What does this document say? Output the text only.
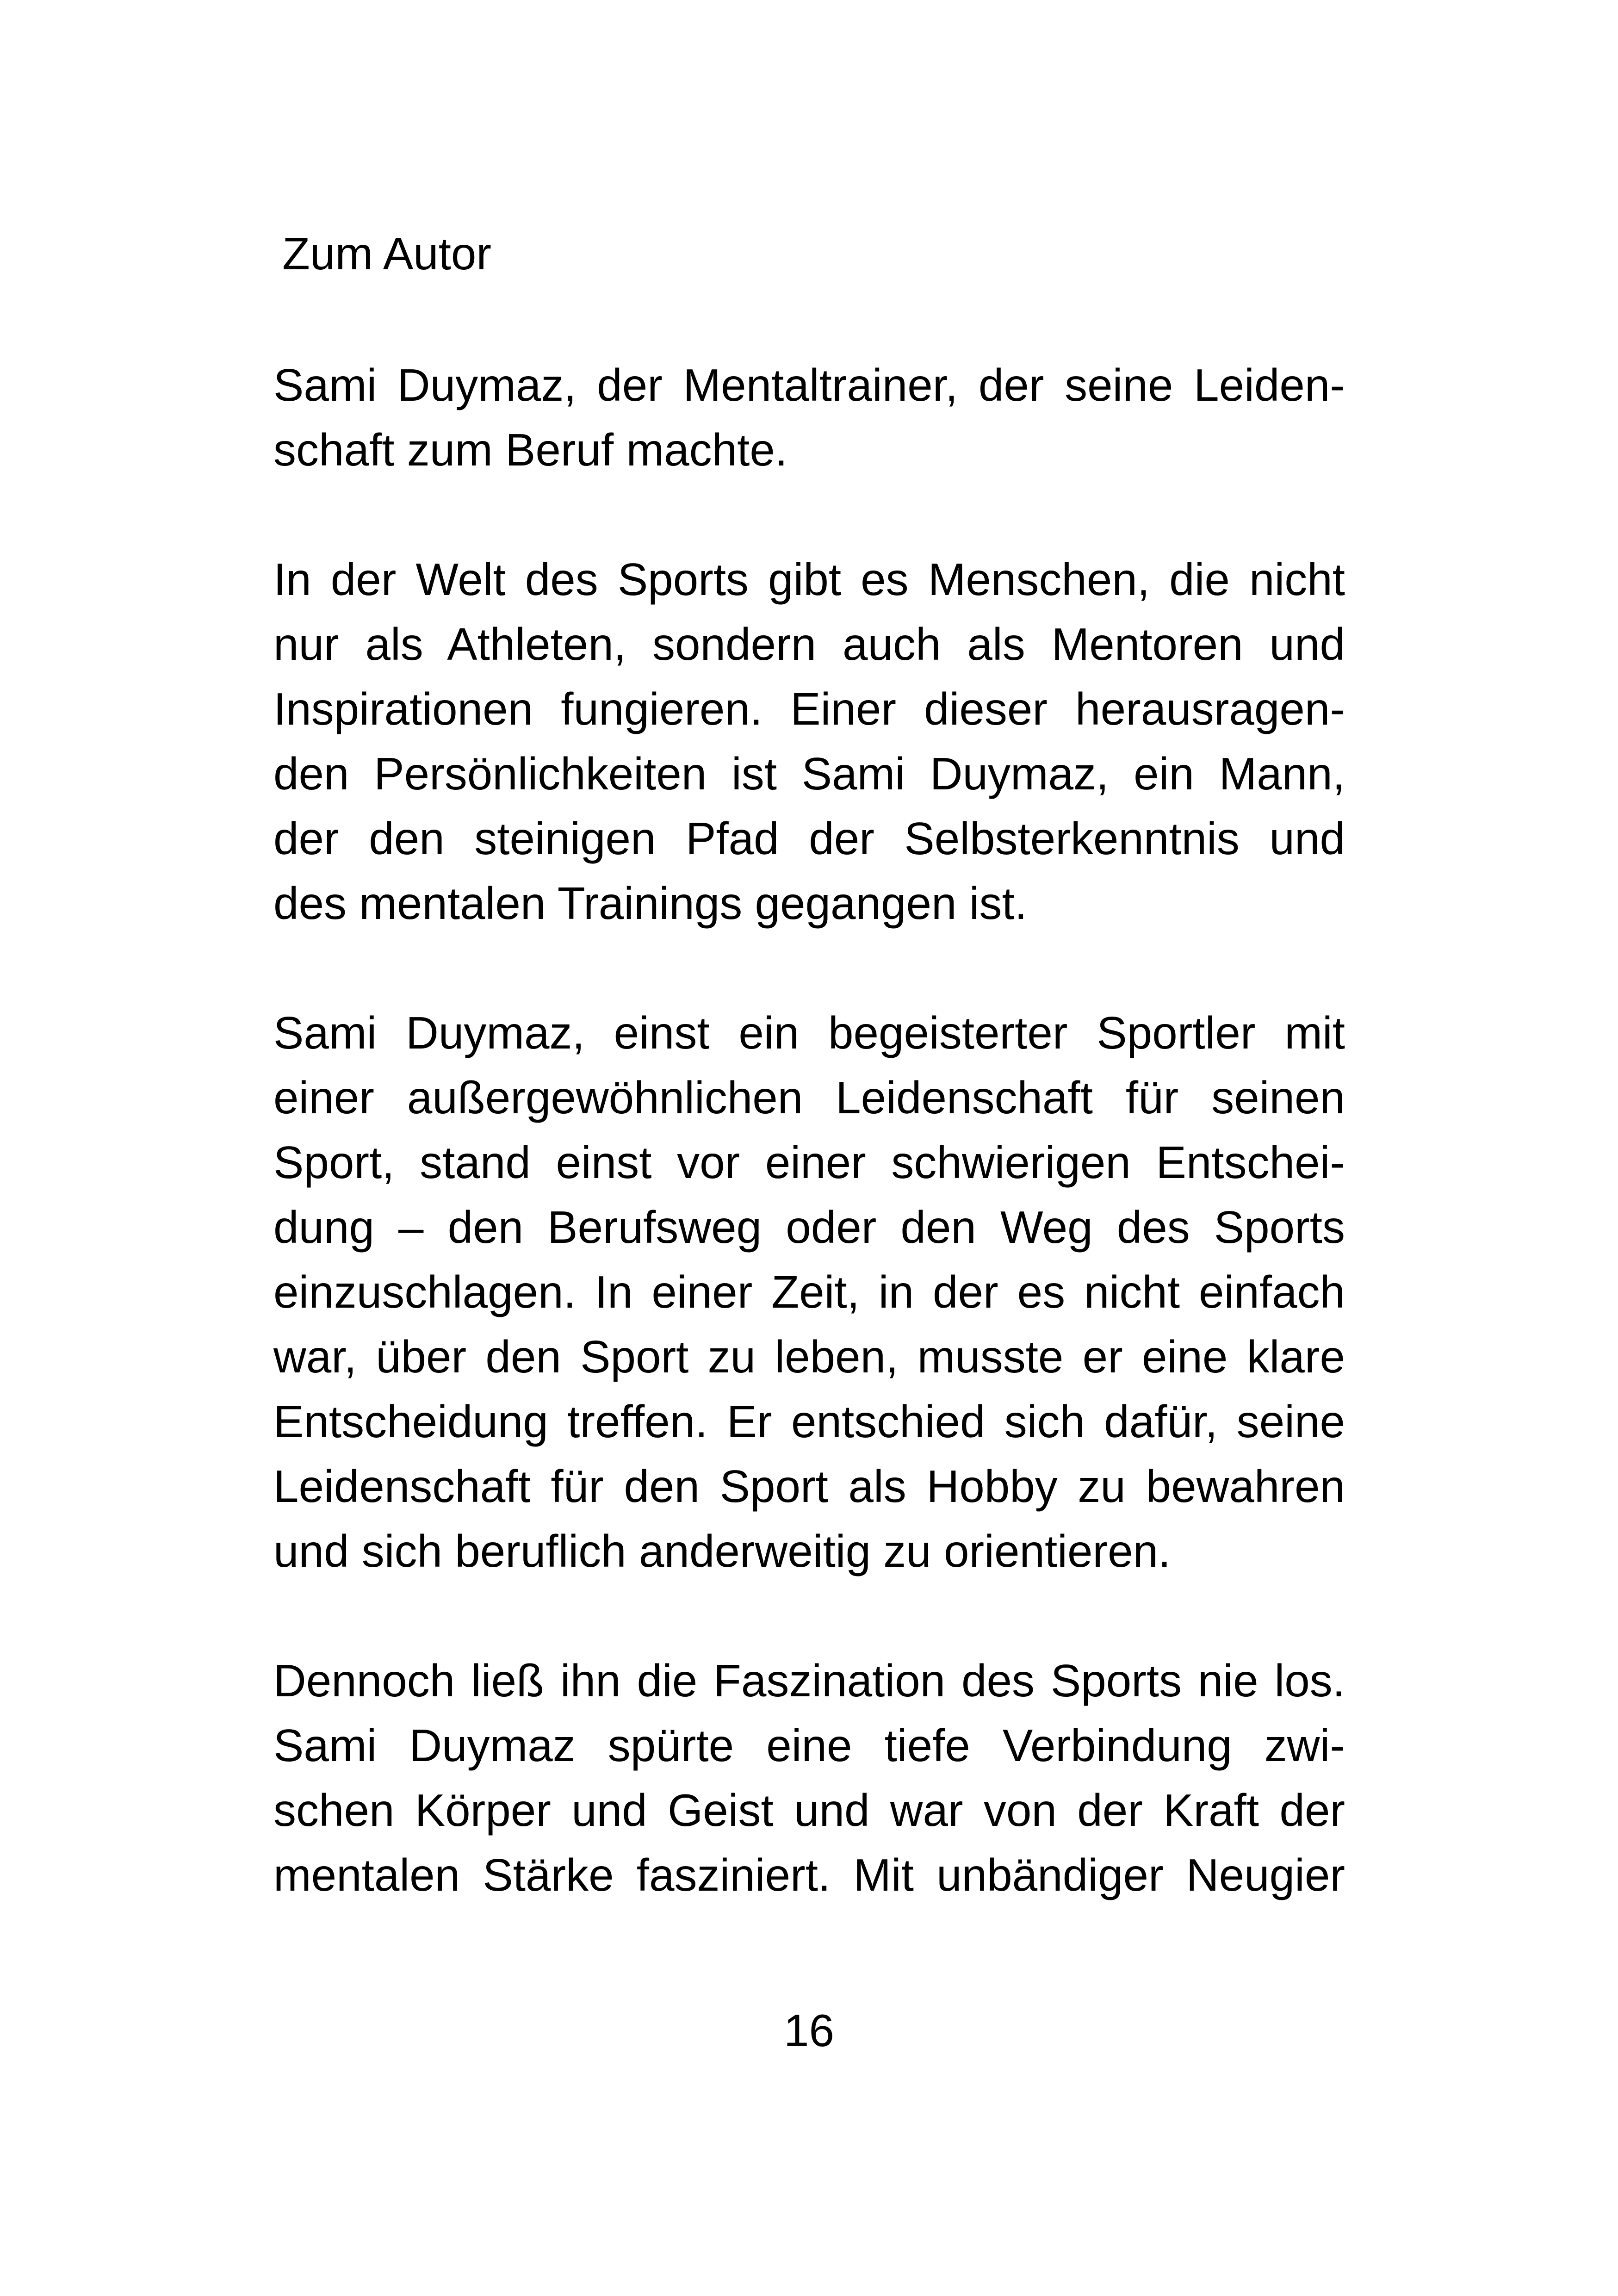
Zum Autor

Sami Duymaz, der Mentaltrainer, der seine Leiden-
schaft zum Beruf machte.

In der Welt des Sports gibt es Menschen, die nicht
nur als Athleten, sondern auch als Mentoren und
Inspirationen fungieren. Einer dieser herausragen-
den Persönlichkeiten ist Sami Duymaz, ein Mann,
der den steinigen Pfad der Selbsterkenntnis und
des mentalen Trainings gegangen ist.

Sami Duymaz, einst ein begeisterter Sportler mit
einer außergewöhnlichen Leidenschaft für seinen
Sport, stand einst vor einer schwierigen Entschei-
dung – den Berufsweg oder den Weg des Sports
einzuschlagen. In einer Zeit, in der es nicht einfach
war, über den Sport zu leben, musste er eine klare
Entscheidung treffen. Er entschied sich dafür, seine
Leidenschaft für den Sport als Hobby zu bewahren
und sich beruflich anderweitig zu orientieren.

Dennoch ließ ihn die Faszination des Sports nie los.
Sami Duymaz spürte eine tiefe Verbindung zwi-
schen Körper und Geist und war von der Kraft der
mentalen Stärke fasziniert. Mit unbändiger Neugier

16
